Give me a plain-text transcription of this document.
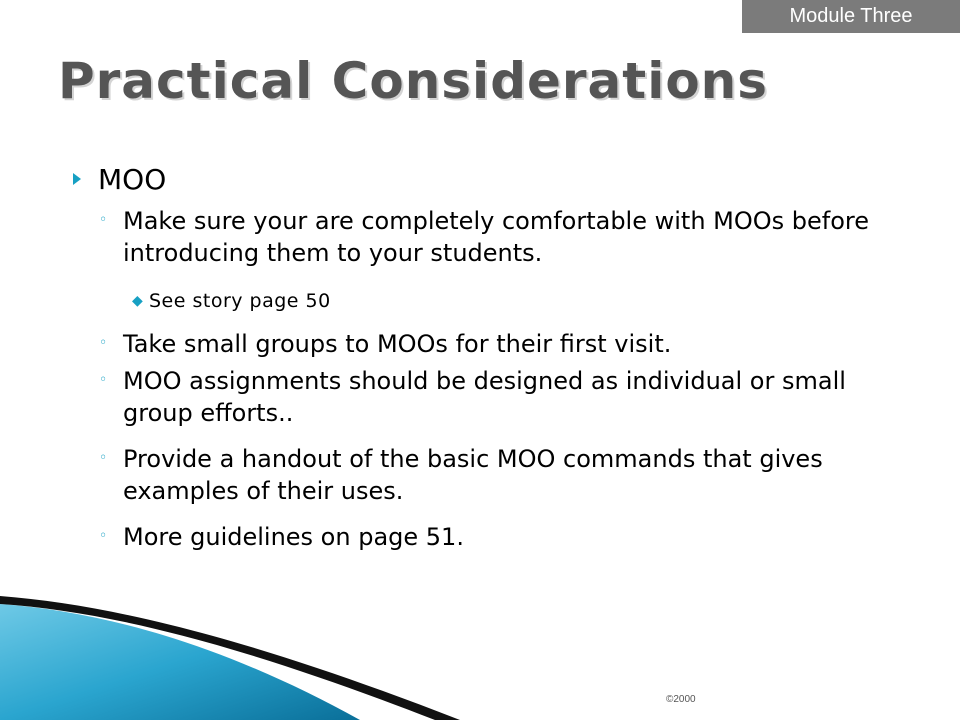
Module Three
Practical Considerations
MOO
◦ Make sure your are completely comfortable with MOOs before introducing them to your students.
◆ See story page 50
◦ Take small groups to MOOs for their first visit.
◦ MOO assignments should be designed as individual or small group efforts..
◦ Provide a handout of the basic MOO commands that gives examples of their uses.
◦ More guidelines on page 51.
©2000
